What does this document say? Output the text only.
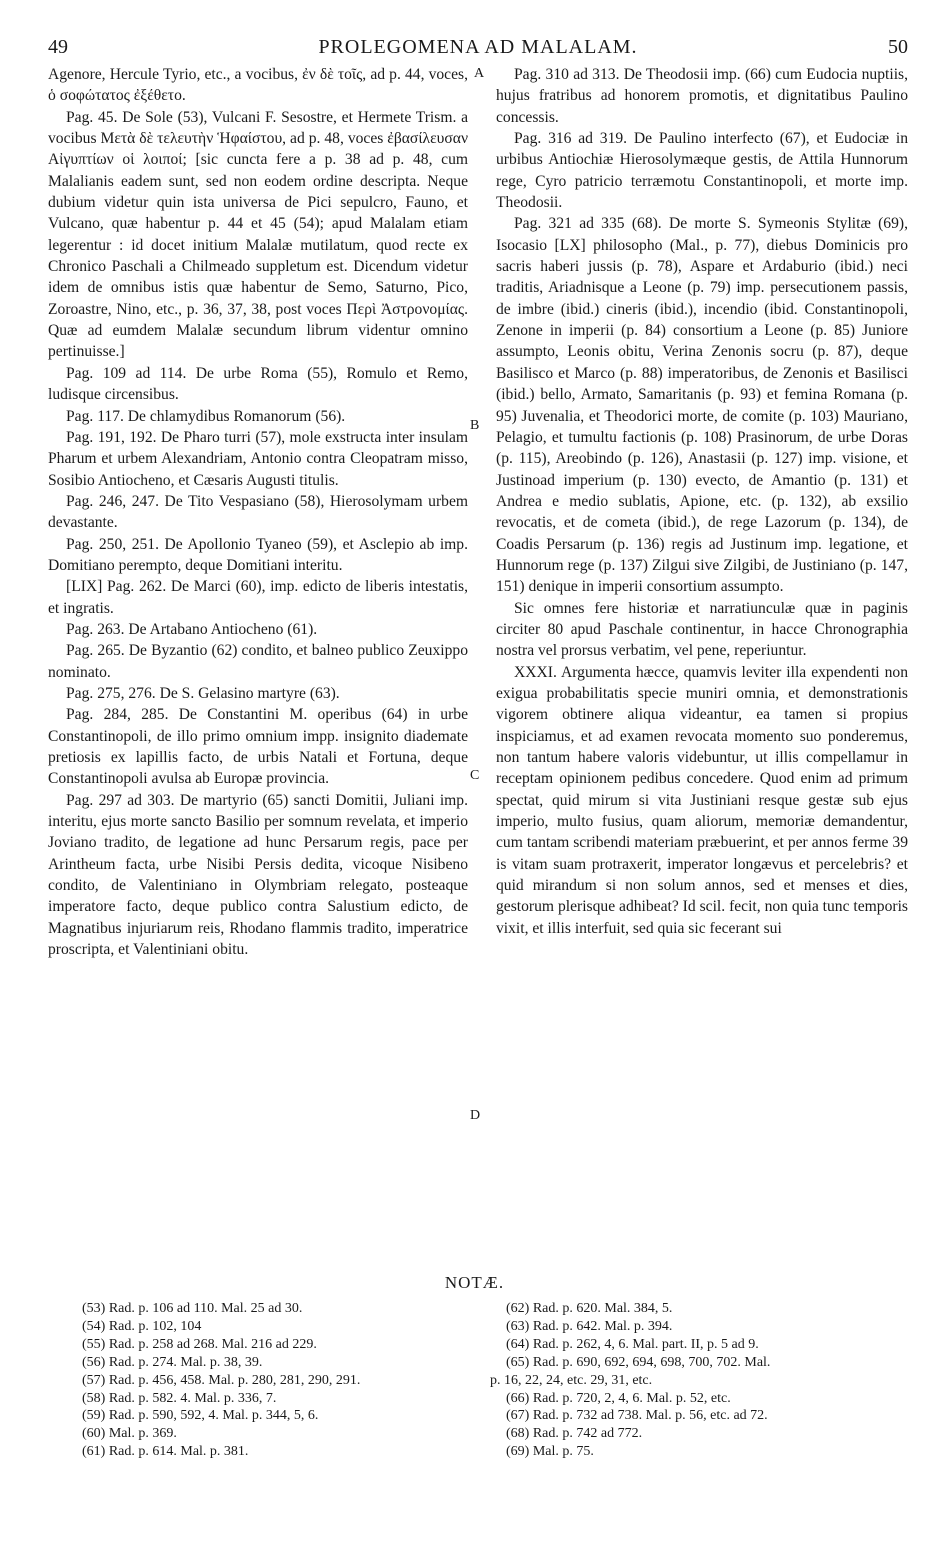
49	PROLEGOMENA AD MALALAM.	50

Agenore, Hercule Tyrio, etc., a vocibus, ἐν δὲ τοῖς, ad p. 44, voces, ὁ σοφώτατος ἐξέθετο.

Pag. 45. De Sole (53), Vulcani F. Sesostre, et Hermete Trism. a vocibus Μετὰ δὲ τελευτὴν Ἡφαίστου, ad p. 48, voces ἐβασίλευσαν Αἰγυπτίων οἱ λοιποί; [sic cuncta fere a p. 38 ad p. 48, cum Malalianis eadem sunt, sed non eodem ordine descripta. Neque dubium videtur quin ista universa de Pici sepulcro, Fauno, et Vulcano, quæ habentur p. 44 et 45 (54); apud Malalam etiam legerentur : id docet initium Malalæ mutilatum, quod recte ex Chronico Paschali a Chilmeado suppletum est. Dicendum videtur idem de omnibus istis quæ habentur de Semo, Saturno, Pico, Zoroastre, Nino, etc., p. 36, 37, 38, post voces Περὶ Ἀστρονομίας. Quæ ad eumdem Malalæ secundum librum videntur omnino pertinuisse.]

Pag. 109 ad 114. De urbe Roma (55), Romulo et Remo, ludisque circensibus.

Pag. 117. De chlamydibus Romanorum (56).

Pag. 191, 192. De Pharo turri (57), mole exstructa inter insulam Pharum et urbem Alexandriam, Antonio contra Cleopatram misso, Sosibio Antiocheno, et Cæsaris Augusti titulis.

Pag. 246, 247. De Tito Vespasiano (58), Hierosolymam urbem devastante.

Pag. 250, 251. De Apollonio Tyaneo (59), et Asclepio ab imp. Domitiano perempto, deque Domitiani interitu.

[LIX] Pag. 262. De Marci (60), imp. edicto de liberis intestatis, et ingratis.

Pag. 263. De Artabano Antiocheno (61).

Pag. 265. De Byzantio (62) condito, et balneo publico Zeuxippo nominato.

Pag. 275, 276. De S. Gelasino martyre (63).

Pag. 284, 285. De Constantini M. operibus (64) in urbe Constantinopoli, de illo primo omnium impp. insignito diademate pretiosis ex lapillis facto, de urbis Natali et Fortuna, deque Constantinopoli avulsa ab Europæ provincia.

Pag. 297 ad 303. De martyrio (65) sancti Domitii, Juliani imp. interitu, ejus morte sancto Basilio per somnum revelata, et imperio Joviano tradito, de legatione ad hunc Persarum regis, pace per Arintheum facta, urbe Nisibi Persis dedita, vicoque Nisibeno condito, de Valentiniano in Olymbriam relegato, posteaque imperatore facto, deque publico contra Salustium edicto, de Magnatibus injuriarum reis, Rhodano flammis tradito, imperatrice proscripta, et Valentiniani obitu.

A
B
C
D

Pag. 310 ad 313. De Theodosii imp. (66) cum Eudocia nuptiis, hujus fratribus ad honorem promotis, et dignitatibus Paulino concessis.

Pag. 316 ad 319. De Paulino interfecto (67), et Eudociæ in urbibus Antiochiæ Hierosolymæque gestis, de Attila Hunnorum rege, Cyro patricio terræmotu Constantinopoli, et morte imp. Theodosii.

Pag. 321 ad 335 (68). De morte S. Symeonis Stylitæ (69), Isocasio [LX] philosopho (Mal., p. 77), diebus Dominicis pro sacris haberi jussis (p. 78), Aspare et Ardaburio (ibid.) neci traditis, Ariadnisque a Leone (p. 79) imp. persecutionem passis, de imbre (ibid.) cineris (ibid.), incendio (ibid. Constantinopoli, Zenone in imperii (p. 84) consortium a Leone (p. 85) Juniore assumpto, Leonis obitu, Verina Zenonis socru (p. 87), deque Basilisco et Marco (p. 88) imperatoribus, de Zenonis et Basilisci (ibid.) bello, Armato, Samaritanis (p. 93) et femina Romana (p. 95) Juvenalia, et Theodorici morte, de comite (p. 103) Mauriano, Pelagio, et tumultu factionis (p. 108) Prasinorum, de urbe Doras (p. 115), Areobindo (p. 126), Anastasii (p. 127) imp. visione, et Justinoad imperium (p. 130) evecto, de Amantio (p. 131) et Andrea e medio sublatis, Apione, etc. (p. 132), ab exsilio revocatis, et de cometa (ibid.), de rege Lazorum (p. 134), de Coadis Persarum (p. 136) regis ad Justinum imp. legatione, et Hunnorum rege (p. 137) Zilgui sive Zilgibi, de Justiniano (p. 147, 151) denique in imperii consortium assumpto.

Sic omnes fere historiæ et narratiunculæ quæ in paginis circiter 80 apud Paschale continentur, in hacce Chronographia nostra vel prorsus verbatim, vel pene, reperiuntur.

XXXI. Argumenta hæcce, quamvis leviter illa expendenti non exigua probabilitatis specie muniri omnia, et demonstrationis vigorem obtinere aliqua videantur, ea tamen si propius inspiciamus, et ad examen revocata momento suo ponderemus, non tantum habere valoris videbuntur, ut illis compellamur in receptam opinionem pedibus concedere. Quod enim ad primum spectat, quid mirum si vita Justiniani resque gestæ sub ejus imperio, multo fusius, quam aliorum, memoriæ demandentur, cum tantam scribendi materiam præbuerint, et per annos ferme 39 is vitam suam protraxerit, imperator longævus et percelebris? et quid mirandum si non solum annos, sed et menses et dies, gestorum plerisque adhibeat? Id scil. fecit, non quia tunc temporis vixit, et illis interfuit, sed quia sic fecerant sui

NOTÆ.
(53) Rad. p. 106 ad 110. Mal. 25 ad 30.
(54) Rad. p. 102, 104
(55) Rad. p. 258 ad 268. Mal. 216 ad 229.
(56) Rad. p. 274. Mal. p. 38, 39.
(57) Rad. p. 456, 458. Mal. p. 280, 281, 290, 291.
(58) Rad. p. 582. 4. Mal. p. 336, 7.
(59) Rad. p. 590, 592, 4. Mal. p. 344, 5, 6.
(60) Mal. p. 369.
(61) Rad. p. 614. Mal. p. 381.
(62) Rad. p. 620. Mal. 384, 5.
(63) Rad. p. 642. Mal. p. 394.
(64) Rad. p. 262, 4, 6. Mal. part. II, p. 5 ad 9.
(65) Rad. p. 690, 692, 694, 698, 700, 702. Mal.
p. 16, 22, 24, etc. 29, 31, etc.
(66) Rad. p. 720, 2, 4, 6. Mal. p. 52, etc.
(67) Rad. p. 732 ad 738. Mal. p. 56, etc. ad 72.
(68) Rad. p. 742 ad 772.
(69) Mal. p. 75.
